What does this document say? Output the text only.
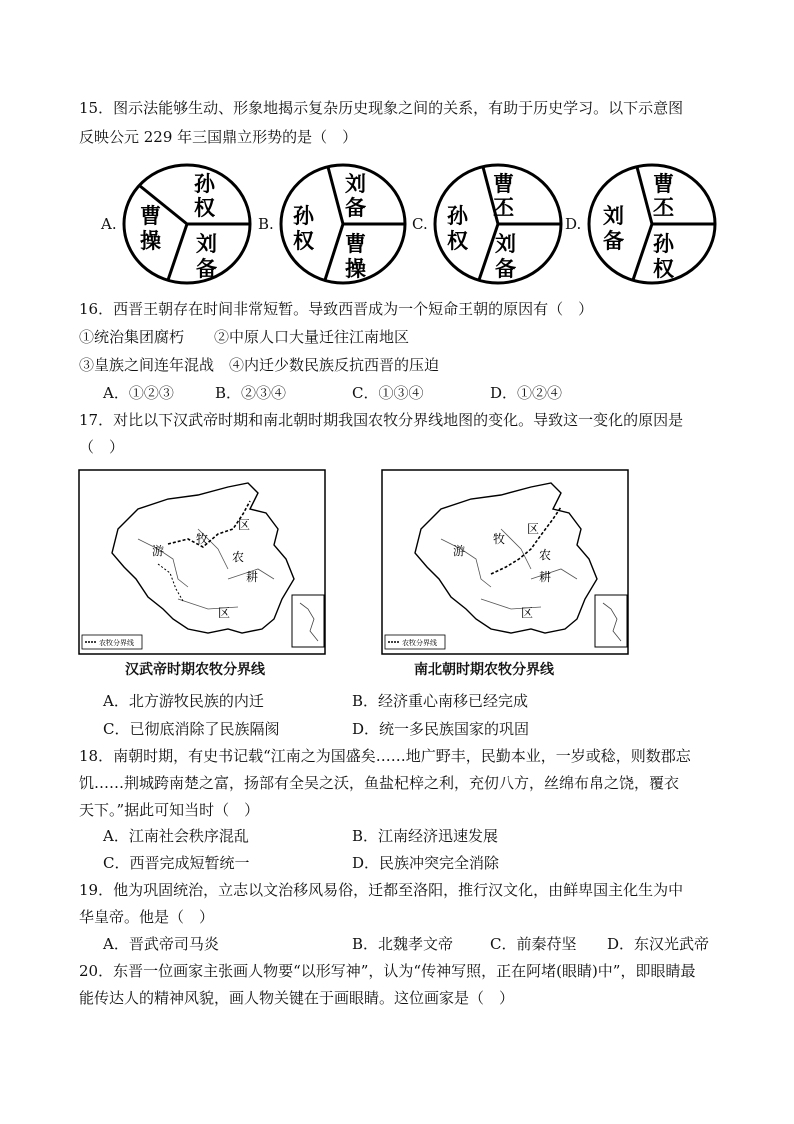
15．图示法能够生动、形象地揭示复杂历史现象之间的关系，有助于历史学习。以下示意图
反映公元 229 年三国鼎立形势的是（　）
A.
孙
权
曹
操 刘
备
B.
刘
备
孙
权 曹
操
C.
曹
丕
孙
权 刘
备
D.
曹
丕
刘
备 孙
权
16．西晋王朝存在时间非常短暂。导致西晋成为一个短命王朝的原因有（　）
①统治集团腐朽　　②中原人口大量迁往江南地区
③皇族之间连年混战　④内迁少数民族反抗西晋的压迫
A．①②③	B．②③④	C．①③④	D．①②④
17．对比以下汉武帝时期和南北朝时期我国农牧分界线地图的变化。导致这一变化的原因是
（　）
游
牧
区
农
耕
区
农牧分界线
汉武帝时期农牧分界线
游
牧
区
农
耕
区
农牧分界线
南北朝时期农牧分界线
A．北方游牧民族的内迁	B．经济重心南移已经完成
C．已彻底消除了民族隔阂	D．统一多民族国家的巩固
18．南朝时期，有史书记载“江南之为国盛矣……地广野丰，民勤本业，一岁或稔，则数郡忘
饥……荆城跨南楚之富，扬部有全吴之沃，鱼盐杞梓之利，充仞八方，丝绵布帛之饶，覆衣
天下。”据此可知当时（　）
A．江南社会秩序混乱	B．江南经济迅速发展
C．西晋完成短暂统一	D．民族冲突完全消除
19．他为巩固统治，立志以文治移风易俗，迁都至洛阳，推行汉文化，由鲜卑国主化生为中
华皇帝。他是（　）
A．晋武帝司马炎	B．北魏孝文帝 C．前秦苻坚 D．东汉光武帝
20．东晋一位画家主张画人物要“以形写神”，认为“传神写照，正在阿堵(眼睛)中”，即眼睛最
能传达人的精神风貌，画人物关键在于画眼睛。这位画家是（　）
